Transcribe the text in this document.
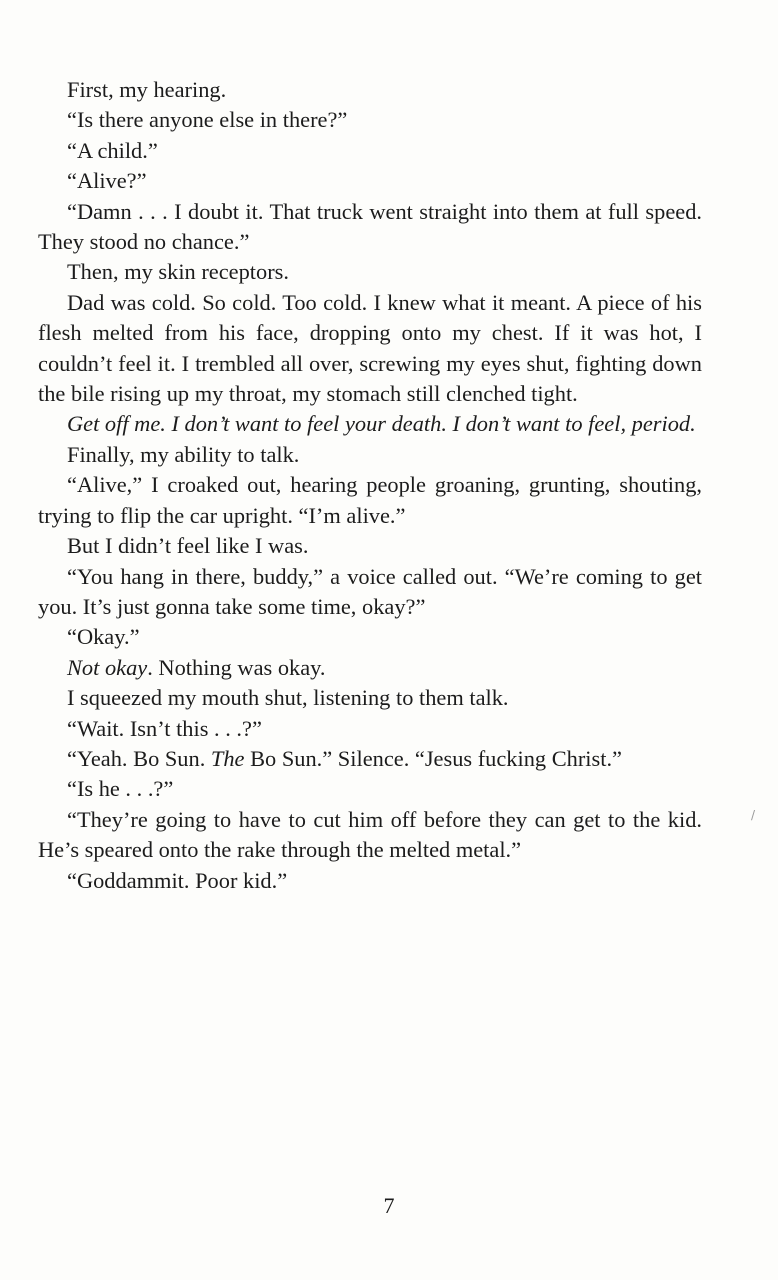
First, my hearing.

“Is there anyone else in there?”

“A child.”

“Alive?”

“Damn . . . I doubt it. That truck went straight into them at full speed. They stood no chance.”

Then, my skin receptors.

Dad was cold. So cold. Too cold. I knew what it meant. A piece of his flesh melted from his face, dropping onto my chest. If it was hot, I couldn’t feel it. I trembled all over, screwing my eyes shut, fighting down the bile rising up my throat, my stomach still clenched tight.

Get off me. I don’t want to feel your death. I don’t want to feel, period.

Finally, my ability to talk.

“Alive,” I croaked out, hearing people groaning, grunting, shouting, trying to flip the car upright. “I’m alive.”

But I didn’t feel like I was.

“You hang in there, buddy,” a voice called out. “We’re coming to get you. It’s just gonna take some time, okay?”

“Okay.”

Not okay. Nothing was okay.

I squeezed my mouth shut, listening to them talk.

“Wait. Isn’t this . . .?”

“Yeah. Bo Sun. The Bo Sun.” Silence. “Jesus fucking Christ.”

“Is he . . .?”

“They’re going to have to cut him off before they can get to the kid. He’s speared onto the rake through the melted metal.”

“Goddammit. Poor kid.”

/
7
